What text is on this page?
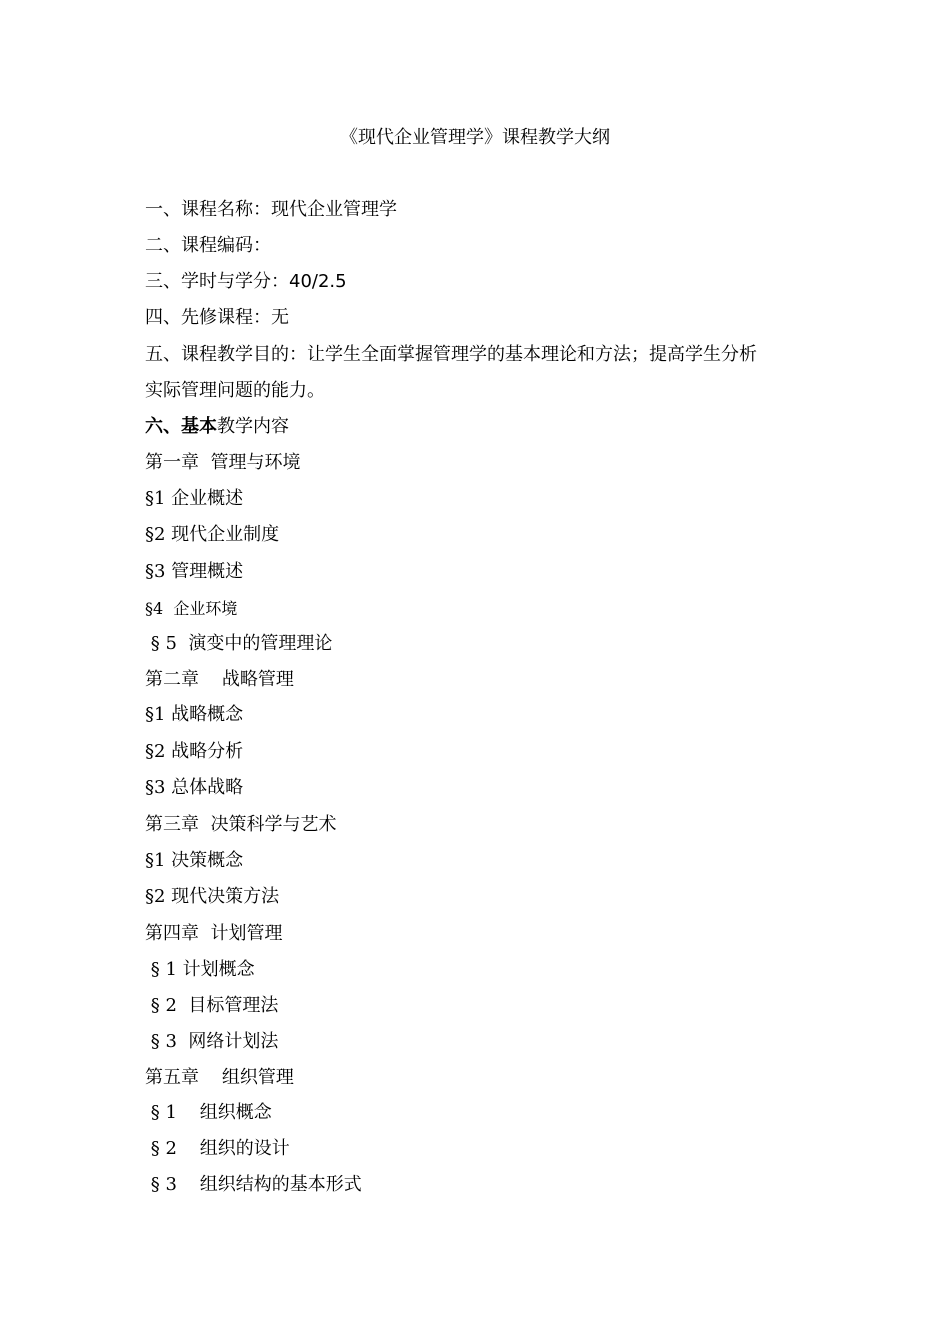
《现代企业管理学》课程教学大纲
一、课程名称：现代企业管理学
二、课程编码：
三、学时与学分：40/2.5
四、先修课程：无
五、课程教学目的：让学生全面掌握管理学的基本理论和方法；提高学生分析
实际管理问题的能力。
六、基本教学内容
第一章  管理与环境
§1 企业概述
§2 现代企业制度
§3 管理概述
§4  企业环境
§ 5  演变中的管理理论
第二章    战略管理
§1 战略概念
§2 战略分析
§3 总体战略
第三章  决策科学与艺术
§1 决策概念
§2 现代决策方法
第四章  计划管理
§ 1 计划概念
§ 2  目标管理法
§ 3  网络计划法
第五章    组织管理
§ 1    组织概念
§ 2    组织的设计
§ 3    组织结构的基本形式
